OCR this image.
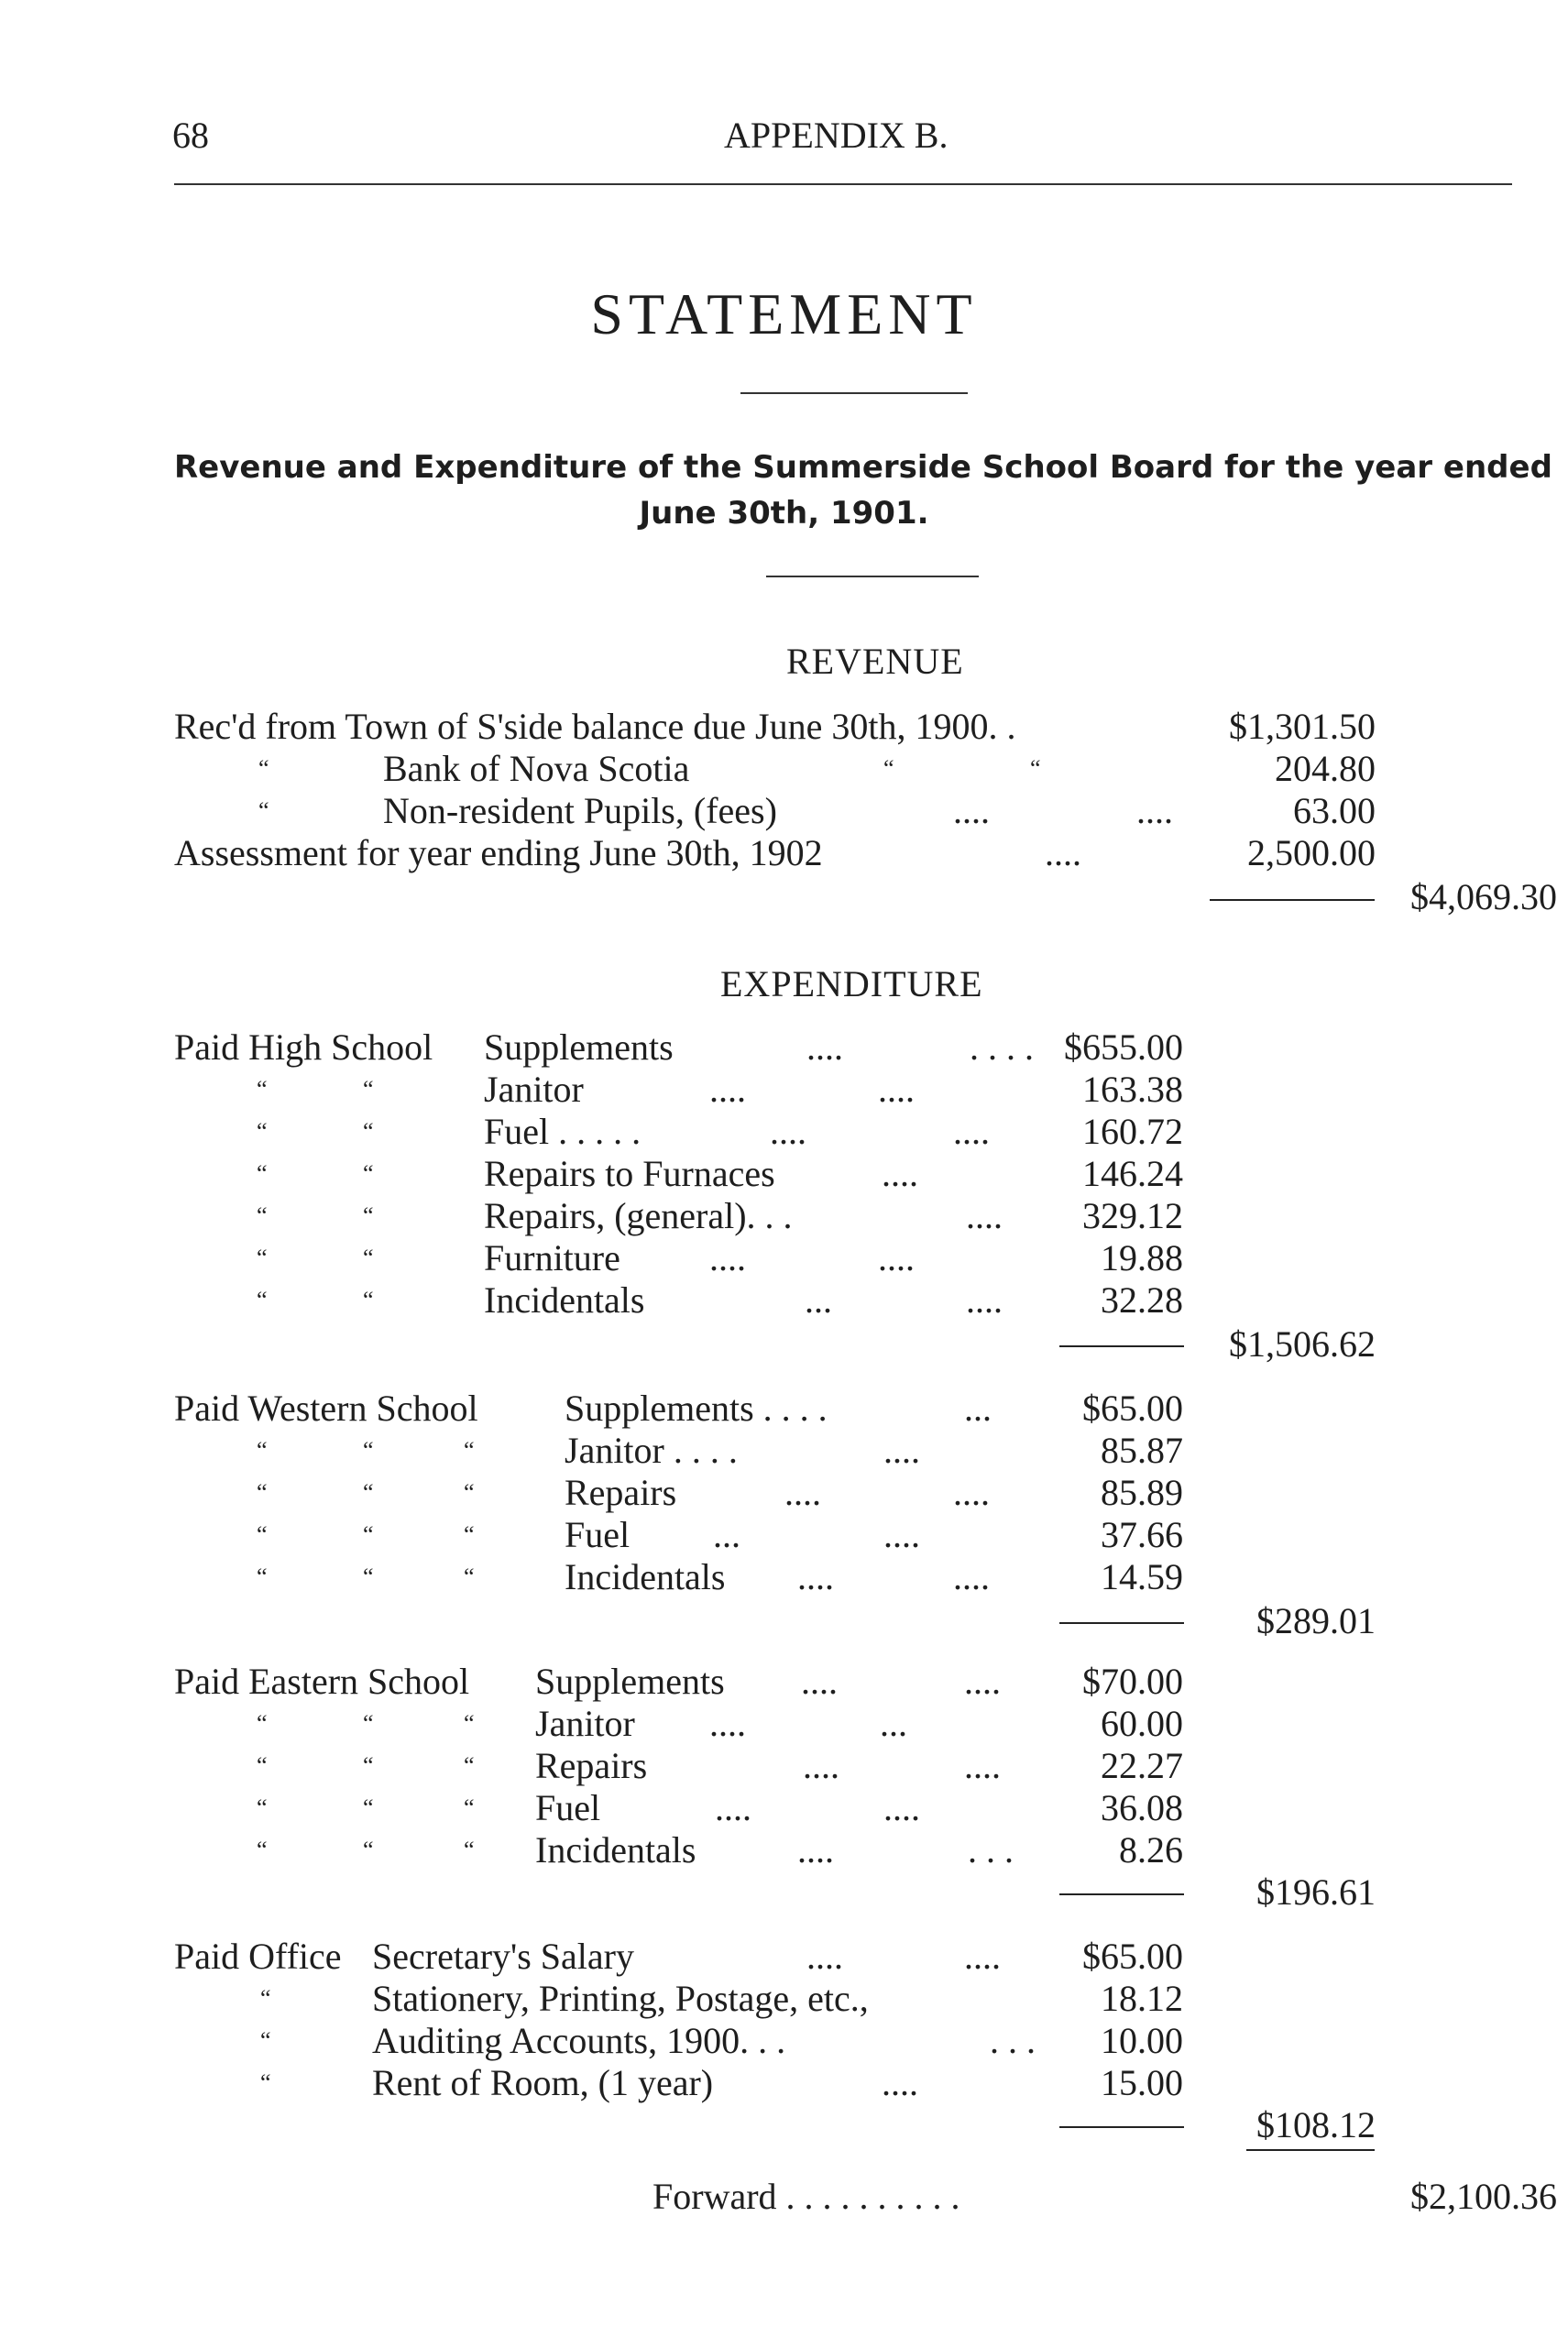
68	APPENDIX B.
STATEMENT
Revenue and Expenditure of the Summerside School Board for the year ended
June 30th, 1901.
REVENUE
Rec'd from Town of S'side balance due June 30th, 1900. .	$1,301.50
“	Bank of Nova Scotia	“	“	204.80
“	Non-resident Pupils, (fees)	....	....	63.00
Assessment for year ending June 30th, 1902	....	2,500.00
$4,069.30
EXPENDITURE
Paid High School Supplements	....	. . . . $655.00
“	“	Janitor	....	....	163.38
“	“	Fuel . . . . .	....	....	160.72
“	“	Repairs to Furnaces	....	146.24
“	“	Repairs, (general). . .	.... 329.12
“	“	Furniture ....	....	19.88
“	“	Incidentals	...	....	32.28
$1,506.62
Paid Western School Supplements . . . .	... $65.00
“	“	“ Janitor . . . .	....	85.87
“	“	“ Repairs	....	....	85.89
“	“	“ Fuel ...	....	37.66
“	“	“ Incidentals ....	....	14.59
$289.01
Paid Eastern School Supplements ....	.... $70.00
“	“	“ Janitor ....	...	60.00
“	“	“ Repairs	....	....	22.27
“	“	“ Fuel	....	....	36.08
“	“	“ Incidentals	....	. . .	8.26
$196.61
Paid Office Secretary's Salary	....	.... $65.00
“	Stationery, Printing, Postage, etc.,	18.12
“	Auditing Accounts, 1900. . .	. . . 10.00
“	Rent of Room, (1 year)	....	15.00
$108.12
Forward . . . . . . . . . .	$2,100.36
